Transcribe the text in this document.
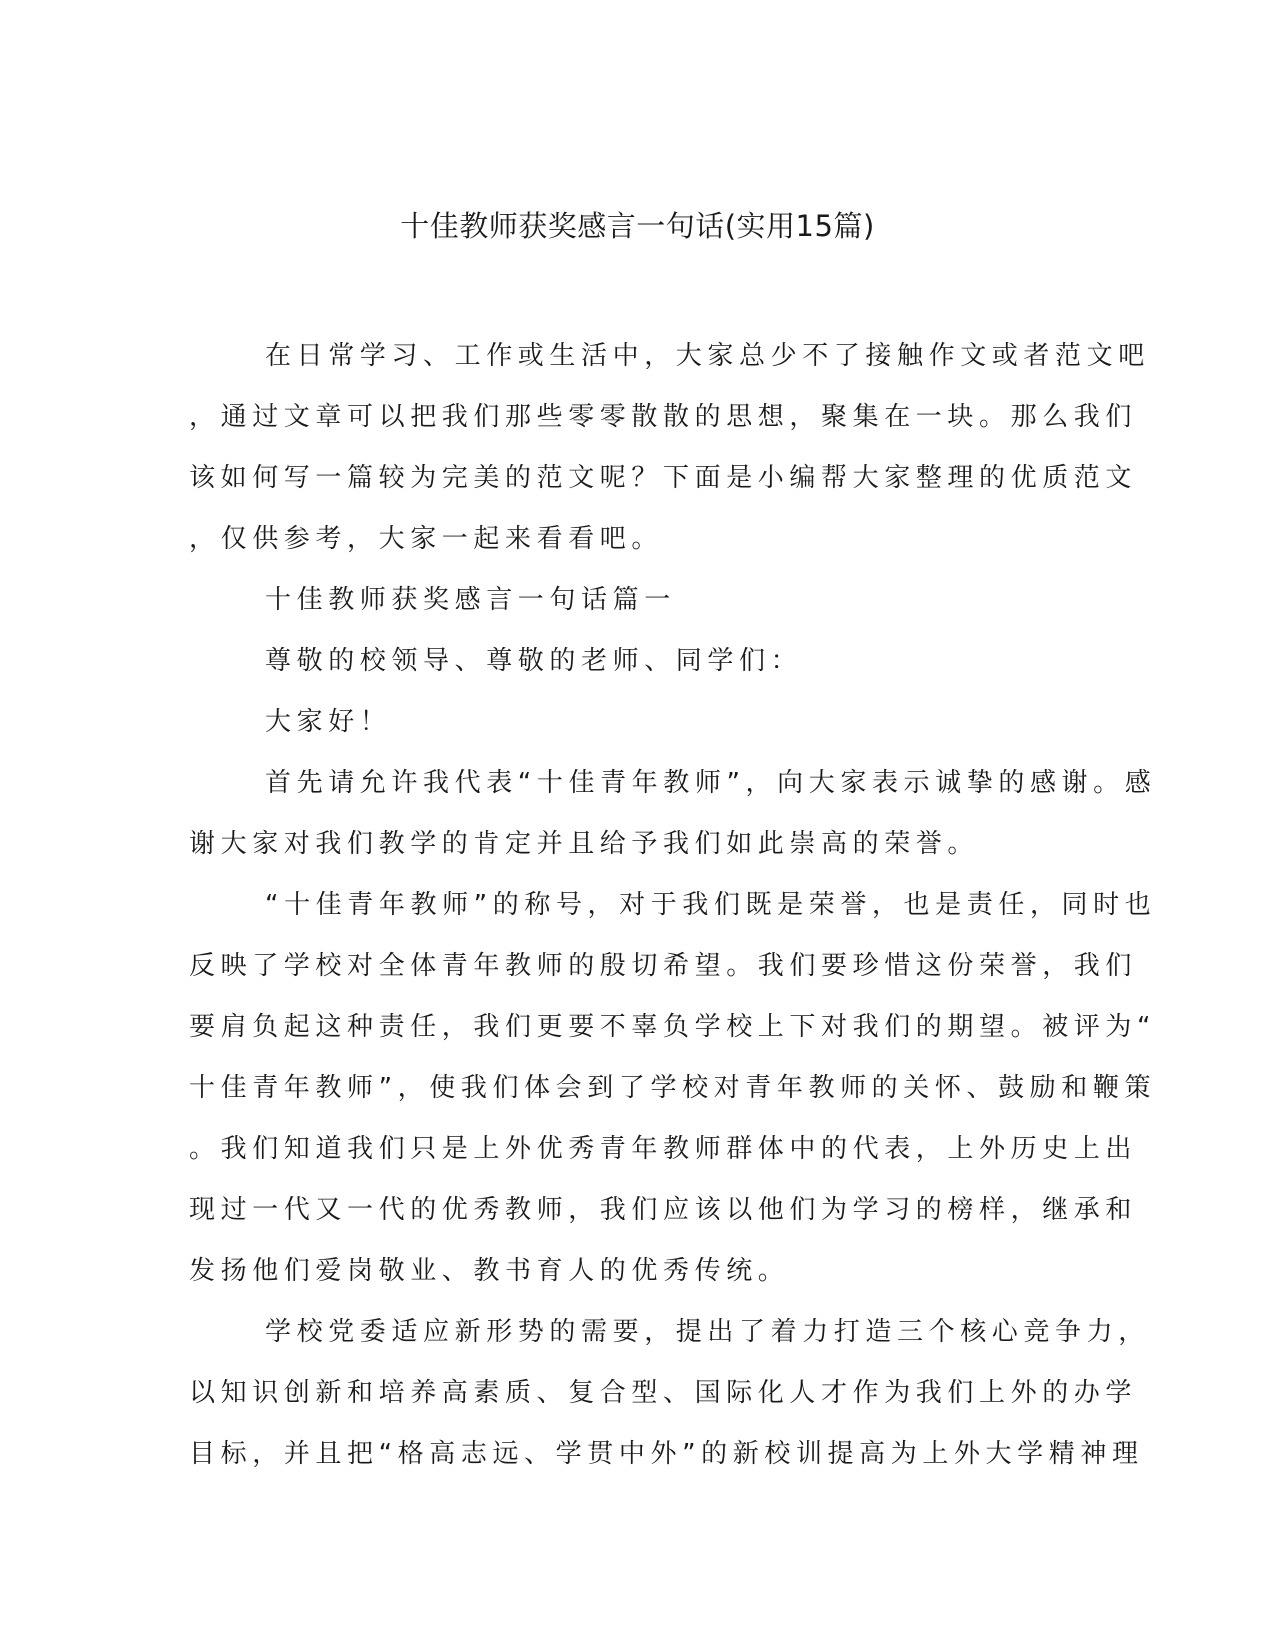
十佳教师获奖感言一句话(实用15篇)

在日常学习、工作或生活中，大家总少不了接触作文或者范文吧

，通过文章可以把我们那些零零散散的思想，聚集在一块。那么我们

该如何写一篇较为完美的范文呢？下面是小编帮大家整理的优质范文

，仅供参考，大家一起来看看吧。

十佳教师获奖感言一句话篇一

尊敬的校领导、尊敬的老师、同学们：

大家好！

首先请允许我代表“十佳青年教师”，向大家表示诚挚的感谢。感

谢大家对我们教学的肯定并且给予我们如此崇高的荣誉。

“十佳青年教师”的称号，对于我们既是荣誉，也是责任，同时也

反映了学校对全体青年教师的殷切希望。我们要珍惜这份荣誉，我们

要肩负起这种责任，我们更要不辜负学校上下对我们的期望。被评为“

十佳青年教师”，使我们体会到了学校对青年教师的关怀、鼓励和鞭策

。我们知道我们只是上外优秀青年教师群体中的代表，上外历史上出

现过一代又一代的优秀教师，我们应该以他们为学习的榜样，继承和

发扬他们爱岗敬业、教书育人的优秀传统。

学校党委适应新形势的需要，提出了着力打造三个核心竞争力，

以知识创新和培养高素质、复合型、国际化人才作为我们上外的办学

目标，并且把“格高志远、学贯中外”的新校训提高为上外大学精神理
